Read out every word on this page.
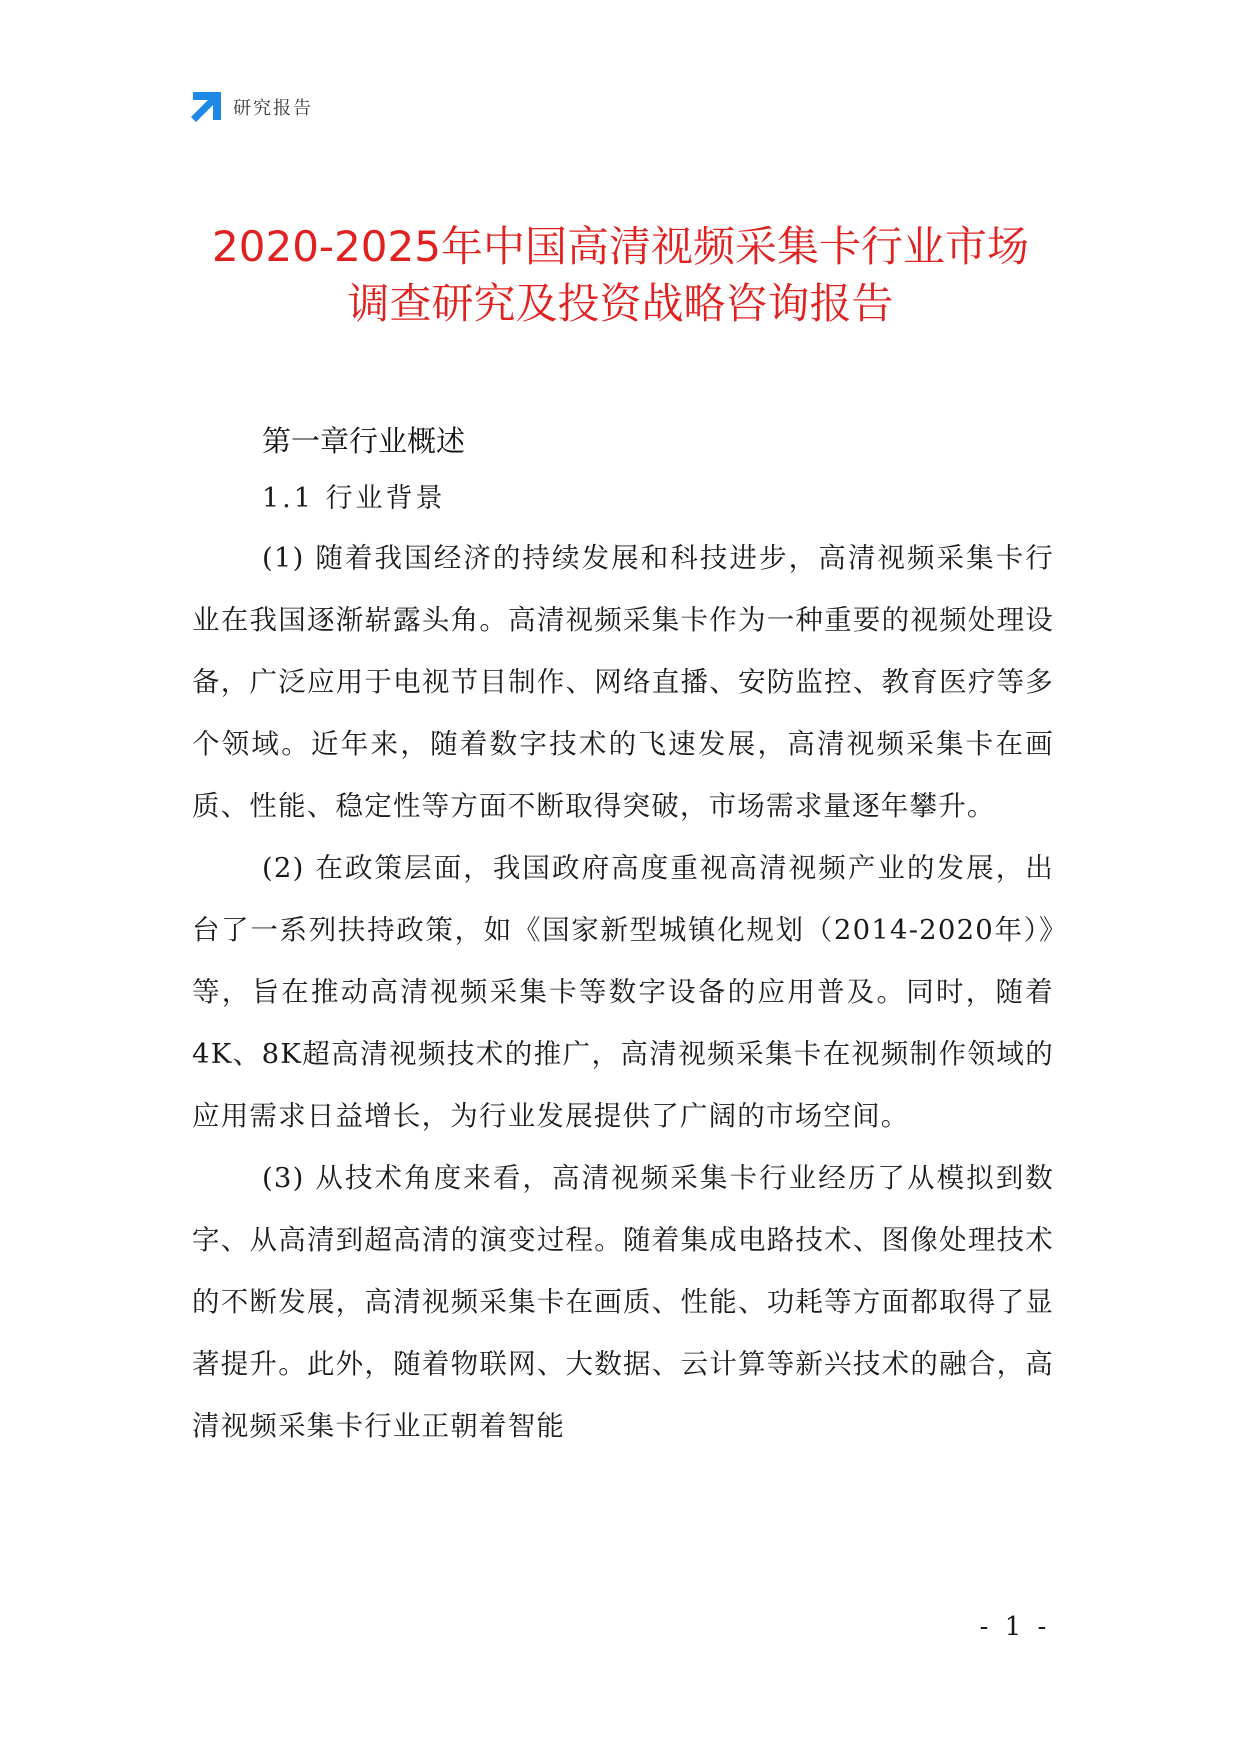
研究报告
2020-2025年中国高清视频采集卡行业市场
调查研究及投资战略咨询报告
第一章行业概述
1.1 行业背景

(1) 随着我国经济的持续发展和科技进步，高清视频采集卡行业在我国逐渐崭露头角。高清视频采集卡作为一种重要的视频处理设备，广泛应用于电视节目制作、网络直播、安防监控、教育医疗等多个领域。近年来，随着数字技术的飞速发展，高清视频采集卡在画质、性能、稳定性等方面不断取得突破，市场需求量逐年攀升。

(2) 在政策层面，我国政府高度重视高清视频产业的发展，出台了一系列扶持政策，如《国家新型城镇化规划（2014-2020年）》等，旨在推动高清视频采集卡等数字设备的应用普及。同时，随着4K、8K超高清视频技术的推广，高清视频采集卡在视频制作领域的应用需求日益增长，为行业发展提供了广阔的市场空间。

(3) 从技术角度来看，高清视频采集卡行业经历了从模拟到数字、从高清到超高清的演变过程。随着集成电路技术、图像处理技术的不断发展，高清视频采集卡在画质、性能、功耗等方面都取得了显著提升。此外，随着物联网、大数据、云计算等新兴技术的融合，高清视频采集卡行业正朝着智能

- 1 -
